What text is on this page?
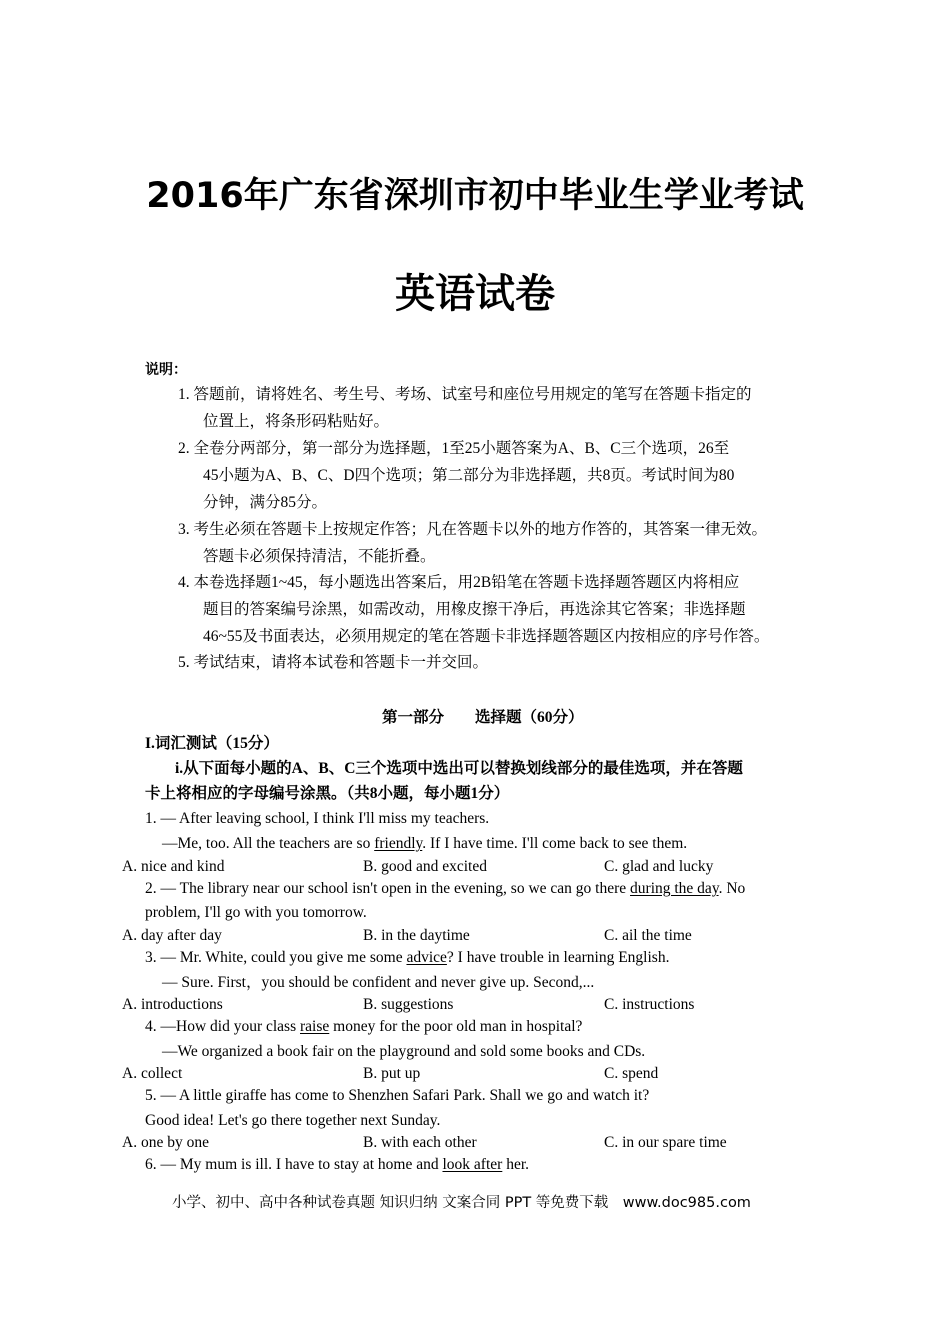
2016年广东省深圳市初中毕业生学业考试
英语试卷
说明：
1. 答题前，请将姓名、考生号、考场、试室号和座位号用规定的笔写在答题卡指定的
位置上，将条形码粘贴好。
2. 全卷分两部分，第一部分为选择题，1至25小题答案为A、B、C三个选项，26至
45小题为A、B、C、D四个选项；第二部分为非选择题，共8页。考试时间为80
分钟，满分85分。
3. 考生必须在答题卡上按规定作答；凡在答题卡以外的地方作答的，其答案一律无效。
答题卡必须保持清洁，不能折叠。
4. 本卷选择题1~45，每小题选出答案后，用2B铅笔在答题卡选择题答题区内将相应
题目的答案编号涂黑，如需改动，用橡皮擦干净后，再选涂其它答案；非选择题
46~55及书面表达，必须用规定的笔在答题卡非选择题答题区内按相应的序号作答。
5. 考试结束，请将本试卷和答题卡一并交回。
第一部分　　选择题（60分）
I.词汇测试（15分）
i.从下面每小题的A、B、C三个选项中选出可以替换划线部分的最佳选项，并在答题
卡上将相应的字母编号涂黑。（共8小题，每小题1分）
1. — After leaving school, I think I'll miss my teachers.
—Me, too. All the teachers are so friendly. If I have time. I'll come back to see them.
A. nice and kind	B. good and excited	C. glad and lucky
2. — The library near our school isn't open in the evening, so we can go there during the day. No
problem, I'll go with you tomorrow.
A. day after day	B. in the daytime	C. ail the time
3. — Mr. White, could you give me some advice? I have trouble in learning English.
— Sure. First，you should be confident and never give up. Second,...
A. introductions	B. suggestions	C. instructions
4. —How did your class raise money for the poor old man in hospital?
—We organized a book fair on the playground and sold some books and CDs.
A. collect	B. put up	C. spend
5. — A little giraffe has come to Shenzhen Safari Park. Shall we go and watch it?
Good idea! Let's go there together next Sunday.
A. one by one	B. with each other	C. in our spare time
6. — My mum is ill. I have to stay at home and look after her.
小学、初中、高中各种试卷真题 知识归纳 文案合同 PPT 等免费下载　www.doc985.com
